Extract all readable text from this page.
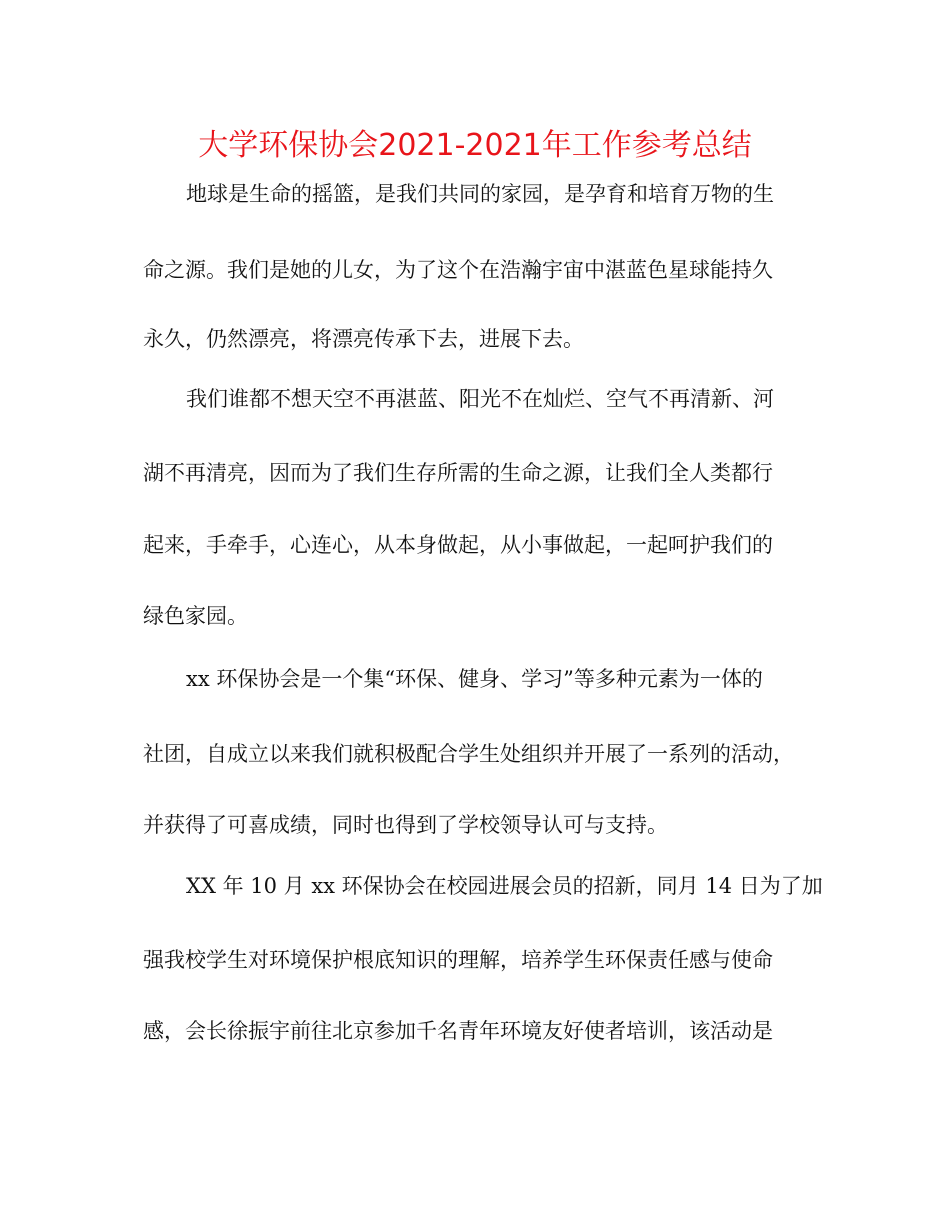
大学环保协会2021-2021年工作参考总结
地球是生命的摇篮，是我们共同的家园，是孕育和培育万物的生
命之源。我们是她的儿女，为了这个在浩瀚宇宙中湛蓝色星球能持久
永久，仍然漂亮，将漂亮传承下去，进展下去。
我们谁都不想天空不再湛蓝、阳光不在灿烂、空气不再清新、河
湖不再清亮，因而为了我们生存所需的生命之源，让我们全人类都行
起来，手牵手，心连心，从本身做起，从小事做起，一起呵护我们的
绿色家园。
xx 环保协会是一个集“环保、健身、学习”等多种元素为一体的
社团，自成立以来我们就积极配合学生处组织并开展了一系列的活动，
并获得了可喜成绩，同时也得到了学校领导认可与支持。
XX 年 10 月 xx 环保协会在校园进展会员的招新，同月 14 日为了加
强我校学生对环境保护根底知识的理解，培养学生环保责任感与使命
感，会长徐振宇前往北京参加千名青年环境友好使者培训，该活动是
